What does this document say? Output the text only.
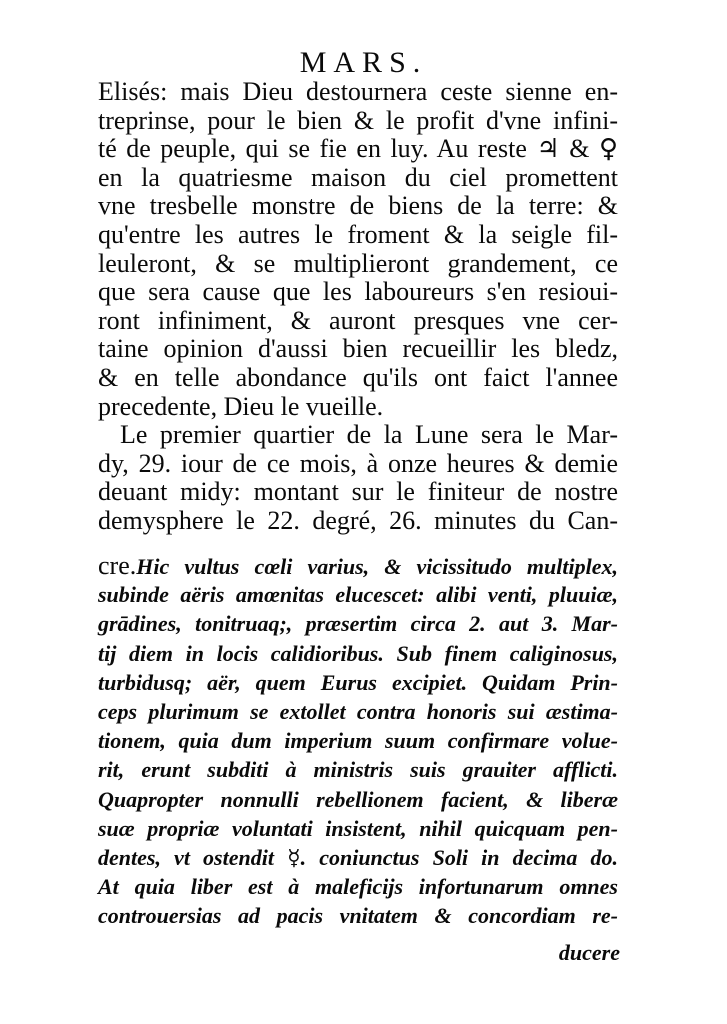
MARS.
Elisés: mais Dieu destournera ceste sienne en-
treprinse, pour le bien & le profit d'vne infini-
té de peuple, qui se fie en luy. Au reste ♃ & ♀
en la quatriesme maison du ciel promettent
vne tresbelle monstre de biens de la terre: &
qu'entre les autres le froment & la seigle fil-
leuleront, & se multiplieront grandement, ce
que sera cause que les laboureurs s'en resioui-
ront infiniment, & auront presques vne cer-
taine opinion d'aussi bien recueillir les bledz,
& en telle abondance qu'ils ont faict l'annee
precedente, Dieu le vueille.
Le premier quartier de la Lune sera le Mar-
dy, 29. iour de ce mois, à onze heures & demie
deuant midy: montant sur le finiteur de nostre
demysphere le 22. degré, 26. minutes du Can-
cre.Hic vultus cœli varius, & vicissitudo multiplex,
subinde aëris amœnitas elucescet: alibi venti, pluuiæ,
grādines, tonitruaq;, præsertim circa 2. aut 3. Mar-
tij diem in locis calidioribus. Sub finem caliginosus,
turbidusq; aër, quem Eurus excipiet. Quidam Prin-
ceps plurimum se extollet contra honoris sui æstima-
tionem, quia dum imperium suum confirmare volue-
rit, erunt subditi à ministris suis grauiter afflicti.
Quapropter nonnulli rebellionem facient, & liberæ
suæ propriæ voluntati insistent, nihil quicquam pen-
dentes, vt ostendit ☿. coniunctus Soli in decima do.
At quia liber est à maleficijs infortunarum omnes
controuersias ad pacis vnitatem & concordiam re-
ducere
